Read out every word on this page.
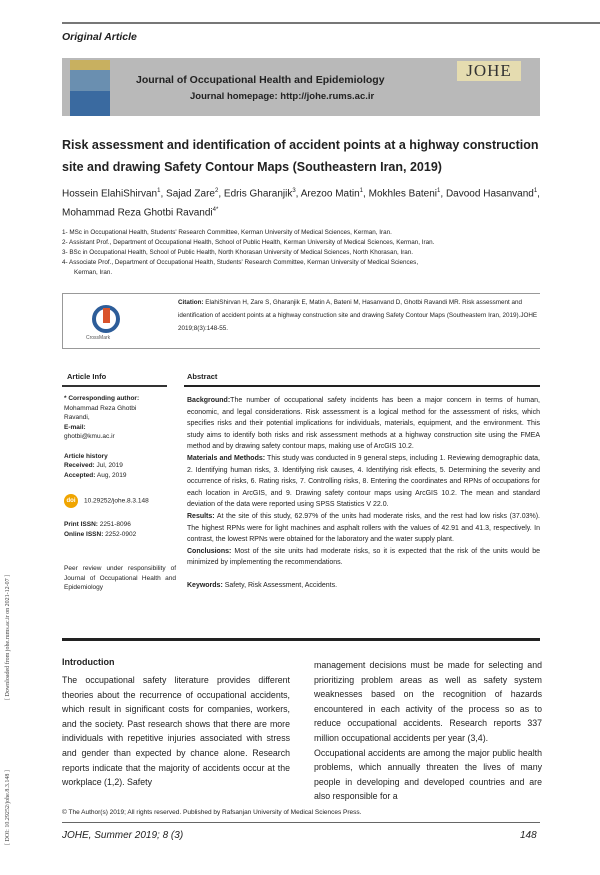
Original Article
Journal of Occupational Health and Epidemiology
Journal homepage: http://johe.rums.ac.ir
JOHE
Risk assessment and identification of accident points at a highway construction site and drawing Safety Contour Maps (Southeastern Iran, 2019)
Hossein ElahiShirvan$^1$, Sajad Zare$^2$, Edris Gharanjik$^3$, Arezoo Matin$^1$, Mokhles Bateni$^1$, Davood Hasanvand$^1$, Mohammad Reza Ghotbi Ravandi$^{4*}$
1- MSc in Occupational Health, Students' Research Committee, Kerman University of Medical Sciences, Kerman, Iran.
2- Assistant Prof., Department of Occupational Health, School of Public Health, Kerman University of Medical Sciences, Kerman, Iran.
3- BSc in Occupational Health, School of Public Health, North Khorasan University of Medical Sciences, North Khorasan, Iran.
4- Associate Prof., Department of Occupational Health, Students' Research Committee, Kerman University of Medical Sciences,
Kerman, Iran.
CrossMark
Citation: ElahiShirvan H, Zare S, Gharanjik E, Matin A, Bateni M, Hasanvand D, Ghotbi Ravandi MR. Risk assessment and identification of accident points at a highway construction site and drawing Safety Contour Maps (Southeastern Iran, 2019).JOHE 2019;8(3):148-55.
Article Info	Abstract
* Corresponding author:
Mohammad Reza Ghotbi Ravandi,
E-mail:
ghotbi@kmu.ac.ir
Article history
Received: Jul, 2019
Accepted: Aug, 2019
doi 10.29252/johe.8.3.148
Print ISSN: 2251-8096
Online ISSN: 2252-0902
Peer review under responsibility of Journal of Occupational Health and Epidemiology
Background:The number of occupational safety incidents has been a major concern in terms of human, economic, and legal considerations. Risk assessment is a logical method for the assessment of risks, which specifies risks and their potential implications for individuals, materials, equipment, and the environment. This study aims to identify both risks and risk assessment methods at a highway construction site using the FMEA method and by drawing safety contour maps, making use of ArcGIS 10.2.
Materials and Methods: This study was conducted in 9 general steps, including 1. Reviewing demographic data, 2. Identifying human risks, 3. Identifying risk causes, 4. Identifying risk effects, 5. Determining the severity and occurrence of risks, 6. Rating risks, 7. Controlling risks, 8. Entering the coordinates and RPNs of occupations for each location in ArcGIS, and 9. Drawing safety contour maps using ArcGIS 10.2. The mean and standard deviation of the data were reported using SPSS Statistics V 22.0.
Results: At the site of this study, 62.97% of the units had moderate risks, and the rest had low risks (37.03%). The highest RPNs were for light machines and asphalt rollers with the values of 42.91 and 41.3, respectively. In contrast, the lowest RPNs were obtained for the laboratory and the water supply plant.
Conclusions: Most of the site units had moderate risks, so it is expected that the risk of the units would be minimized by implementing the recommendations.
Keywords: Safety, Risk Assessment, Accidents.
Introduction
The occupational safety literature provides different theories about the recurrence of occupational accidents, which result in significant costs for companies, workers, and the society. Past research shows that there are more individuals with repetitive injuries associated with stress and gender than expected by chance alone. Research reports indicate that the majority of accidents occur at the workplace (1,2). Safety
management decisions must be made for selecting and prioritizing problem areas as well as safety system weaknesses based on the recognition of hazards encountered in each activity of the process so as to reduce occupational accidents. Research reports 337 million occupational accidents per year (3,4).
Occupational accidents are among the major public health problems, which annually threaten the lives of many people in developing and developed countries and are also responsible for a
© The Author(s) 2019; All rights reserved. Published by Rafsanjan University of Medical Sciences Press.
JOHE, Summer 2019; 8 (3)	148
[ Downloaded from johe.rums.ac.ir on 2021-12-07 ]
[ DOI: 10.29252/johe.8.3.148 ]
